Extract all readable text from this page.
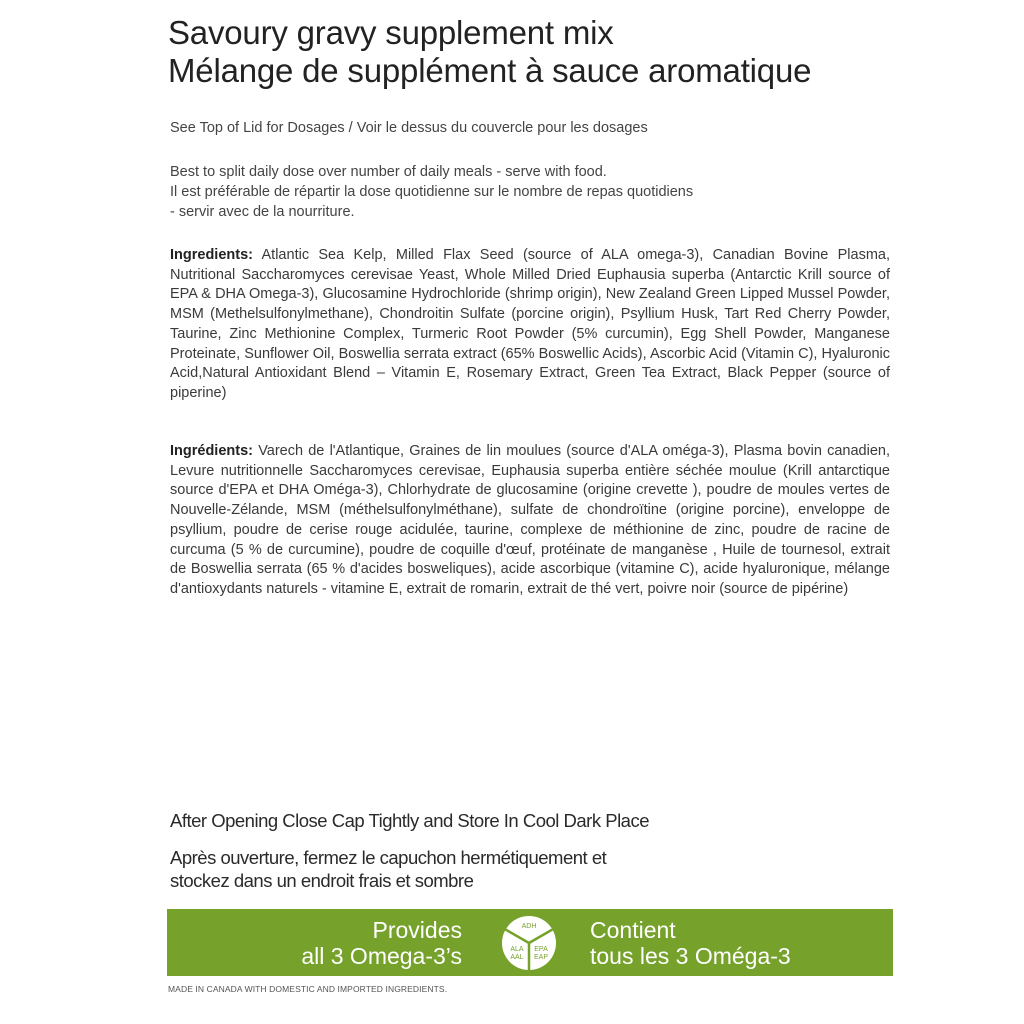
Savoury gravy supplement mix
Mélange de supplément à sauce aromatique
See Top of Lid for Dosages / Voir le dessus du couvercle pour les dosages
Best to split daily dose over number of daily meals - serve with food.
Il est préférable de répartir la dose quotidienne sur le nombre de repas quotidiens
- servir avec de la nourriture.
Ingredients: Atlantic Sea Kelp, Milled Flax Seed (source of ALA omega-3), Canadian Bovine Plasma, Nutritional Saccharomyces cerevisae Yeast, Whole Milled Dried Euphausia superba (Antarctic Krill source of EPA & DHA Omega-3), Glucosamine Hydrochloride (shrimp origin), New Zealand Green Lipped Mussel Powder, MSM (Methelsulfonylmethane), Chondroitin Sulfate (porcine origin), Psyllium Husk, Tart Red Cherry Powder, Taurine, Zinc Methionine Complex, Turmeric Root Powder (5% curcumin), Egg Shell Powder, Manganese Proteinate, Sunflower Oil, Boswellia serrata extract (65% Boswellic Acids), Ascorbic Acid (Vitamin C), Hyaluronic Acid,Natural Antioxidant Blend – Vitamin E, Rosemary Extract, Green Tea Extract, Black Pepper (source of piperine)
Ingrédients: Varech de l'Atlantique, Graines de lin moulues (source d'ALA oméga-3), Plasma bovin canadien, Levure nutritionnelle Saccharomyces cerevisae, Euphausia superba entière séchée moulue (Krill antarctique source d'EPA et DHA Oméga-3), Chlorhydrate de glucosamine (origine crevette ), poudre de moules vertes de Nouvelle-Zélande, MSM (méthelsulfonylméthane), sulfate de chondroïtine (origine porcine), enveloppe de psyllium, poudre de cerise rouge acidulée, taurine, complexe de méthionine de zinc, poudre de racine de curcuma (5 % de curcumine), poudre de coquille d'œuf, protéinate de manganèse , Huile de tournesol, extrait de Boswellia serrata (65 % d'acides bosweliques), acide ascorbique (vitamine C), acide hyaluronique, mélange d'antioxydants naturels - vitamine E, extrait de romarin, extrait de thé vert, poivre noir (source de pipérine)
After Opening Close Cap Tightly and Store In Cool Dark Place
Après ouverture, fermez le capuchon hermétiquement et
stockez dans un endroit frais et sombre
Provides
all 3 Omega-3’s
ADH
ALA
AAL
EPA
EAP
Contient
tous les 3 Oméga-3
MADE IN CANADA WITH DOMESTIC AND IMPORTED INGREDIENTS.
